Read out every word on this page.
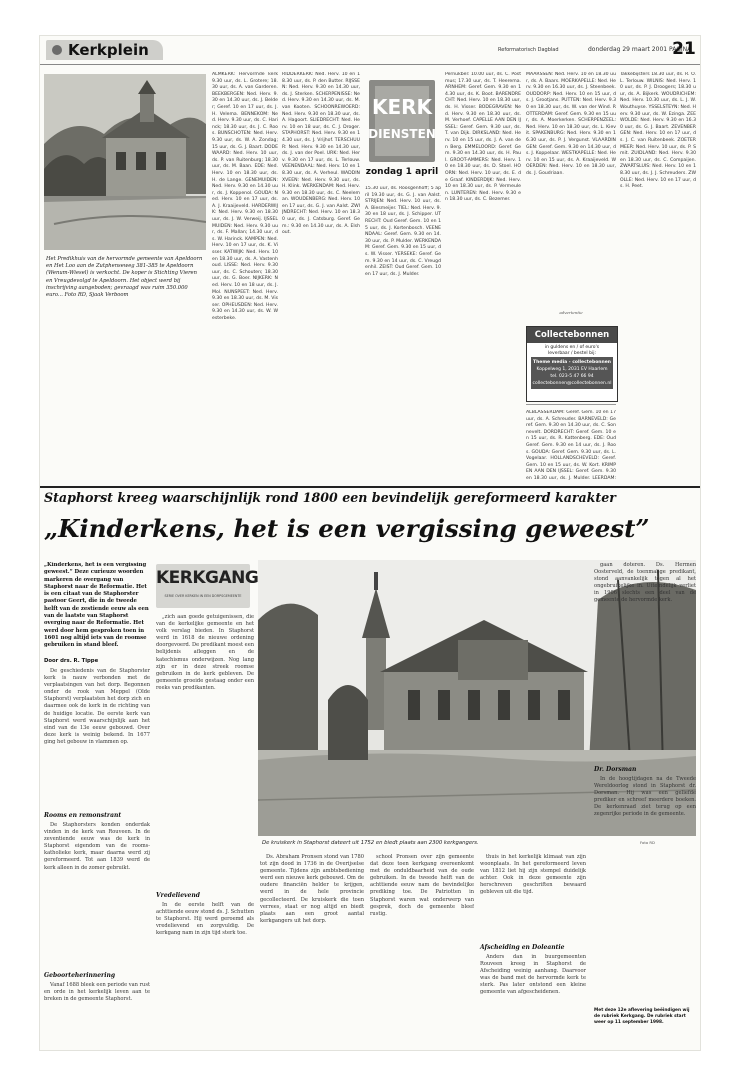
Kerkplein	Reformatorisch Dagblad	donderdag 29 maart 2001 PAGINA
21
Het Predikhuis van de hervormde gemeente van Apeldoorn en Het Loo aan de Zutphenseweg 381-385 te Apeldoorn (Wenum-Wiesel) is verkocht. De koper is Stichting Vieren en Vreugdevolgd te Apeldoorn. Het object werd bij inschrijving aangeboden; gevraagd was ruim 350.000 euro... Foto RD, Sjaak Verboom
ALMKERK: Hervormde kerk 9.30 uur, ds. L. Grotere; 18.30 uur, ds. A. van Garderen. BEEKBERGEN: Ned. Herv. 9.30 en 14.30 uur, ds. J. Belder; Geref. 10 en 17 uur, ds. J. H. Velema. BENNEKOM: Ned. Herv. 9.30 uur, ds. C. Harinck; 18.30 uur, ds. J. C. Roos. BUNSCHOTEN: Ned. Herv. 9.30 uur, ds. W. A. Zondag; 15 uur, ds. G. J. Baart. DODEWAARD: Ned. Herv. 10 uur, ds. P. van Ruitenburg; 18.30 uur, ds. M. Baan. EDE: Ned. Herv. 10 en 18.30 uur, ds. H. de Lange. GENEMUIDEN: Ned. Herv. 9.30 en 14.30 uur, ds. J. Koppenol. GOUDA: Ned. Herv. 10 en 17 uur, ds. A. J. Kraaijeveld. HARDERWIJK: Ned. Herv. 9.30 en 18.30 uur, ds. J. W. Verweij. IJSSELMUIDEN: Ned. Herv. 9.30 uur, ds. F. Mallan; 14.30 uur, ds. W. Harinck. KAMPEN: Ned. Herv. 10 en 17 uur, ds. K. Visser. KATWIJK: Ned. Herv. 10 en 18.30 uur, ds. A. Vastenhoud. LISSE: Ned. Herv. 9.30 uur, ds. C. Schouten; 18.30 uur, ds. G. Boer. NIJKERK: Ned. Herv. 10 en 18 uur, ds. J. Mol. NUNSPEET: Ned. Herv. 9.30 en 18.30 uur, ds. M. Visser. OPHEUSDEN: Ned. Herv. 9.30 en 14.30 uur, ds. W. Westerbeke.
RIDDERKERK: Ned. Herv. 10 en 18.30 uur, ds. P. den Butter. RIJSSEN: Ned. Herv. 9.30 en 14.30 uur, ds. J. Sterken. SCHERPENISSE: Ned. Herv. 9.30 en 14.30 uur, ds. M. van Kooten. SCHOONREWOERD: Ned. Herv. 9.30 en 18.30 uur, ds. A. Hagoort. SLIEDRECHT: Ned. Herv. 10 en 18 uur, ds. C. J. Droger. STAPHORST: Ned. Herv. 9.30 en 14.30 uur, ds. J. Vrijhof. TERSCHUUR: Ned. Herv. 9.30 en 14.30 uur, ds. J. van der Poel. URK: Ned. Herv. 9.30 en 17 uur, ds. L. Terlouw. VEENENDAAL: Ned. Herv. 10 en 18.30 uur, ds. A. Verheul. WADDINXVEEN: Ned. Herv. 9.30 uur, ds. H. Klink. WERKENDAM: Ned. Herv. 9.30 en 18.30 uur, ds. C. Neeleman. WOUDENBERG: Ned. Herv. 10 en 17 uur, ds. G. J. van Aalst. ZWIJNDRECHT: Ned. Herv. 10 en 18.30 uur, ds. J. Catsburg. Geref. Gem.: 9.30 en 14.30 uur, ds. A. Elshout.
KERK
DIENSTEN
zondag 1 april
15.30 uur, ds. Roosgenhoff; 5 april 19.30 uur, ds. G. J. van Aalst. STRIJEN: Ned. Herv. 10 uur, ds. A. Biesmeijer. TIEL: Ned. Herv. 9.30 en 18 uur, ds. J. Schipper. UTRECHT: Oud Geref. Gem. 10 en 15 uur, ds. J. Kortenbosch. VEENENDAAL: Geref. Gem. 9.30 en 14.30 uur, ds. P. Mulder. WERKENDAM: Geref. Gem. 9.30 en 15 uur, ds. W. Visser. YERSEKE: Geref. Gem. 9.30 en 14 uur, ds. C. Vreugdenhil. ZEIST: Oud Geref. Gem. 10 en 17 uur, ds. J. Mulder.
Pernukbel: 10.00 uur, ds. C. Postmus; 17.30 uur, ds. T. Heerema. ARNHEM: Geref. Gem. 9.30 en 14.30 uur, ds. K. Boot. BARENDRECHT: Ned. Herv. 10 en 18.30 uur, ds. H. Visser. BODEGRAVEN: Ned. Herv. 9.30 en 18.30 uur, ds. M. Verhoef. CAPELLE AAN DEN IJSSEL: Geref. Gem. 9.30 uur, ds. T. van Dijk. DIRKSLAND: Ned. Herv. 10 en 15 uur, ds. J. A. van den Berg. EMMELOORD: Geref. Gem. 9.30 en 14.30 uur, ds. H. Paul. GROOT-AMMERS: Ned. Herv. 10 en 18.30 uur, ds. D. Stoel. HOORN: Ned. Herv. 10 uur, ds. E. de Graaf. KINDERDIJK: Ned. Herv. 10 en 18.30 uur, ds. P. Vermeulen. LUNTEREN: Ned. Herv. 9.30 en 18.30 uur, ds. C. Bezemer.
MAARSSEN: Ned. Herv. 10 en 18.30 uur, ds. A. Baars. MOERKAPELLE: Ned. Herv. 9.30 en 16.30 uur, ds. J. Steenbeek. OUDDORP: Ned. Herv. 10 en 15 uur, ds. J. Grootjans. PUTTEN: Ned. Herv. 9.30 en 18.30 uur, ds. W. van der Wind. ROTTERDAM: Geref. Gem. 9.30 en 15 uur, ds. A. Moerkerken. SCHERPENZEEL: Ned. Herv. 10 en 18.30 uur, ds. L. Kievit. SPAKENBURG: Ned. Herv. 9.30 en 16.30 uur, ds. P. J. Vergunst. VLAARDINGEN: Geref. Gem. 9.30 en 14.30 uur, ds. J. Koppelaar. WESTKAPELLE: Ned. Herv. 10 en 15 uur, ds. A. Kraaijeveld. WOERDEN: Ned. Herv. 10 en 18.30 uur, ds. J. Goudriaan.
ALBLASSERDAM: Geref. Gem. 10 en 17 uur, ds. A. Schreuder. BARNEVELD: Geref. Gem. 9.30 en 14.30 uur, ds. C. Sonnevelt. DORDRECHT: Geref. Gem. 10 en 15 uur, ds. R. Kattenberg. EDE: Oud Geref. Gem. 9.30 en 14 uur, ds. J. Roos. GOUDA: Geref. Gem. 9.30 uur, ds. L. Vogelaar. HOLLANDSCHEVELD: Geref. Gem. 10 en 15 uur, ds. W. Kort. KRIMPEN AAN DEN IJSSEL: Geref. Gem. 9.30 en 18.30 uur, ds. J. Mulder. LEERDAM:
Takkebijsters 18.30 uur, ds. R. O. L. Terlouw. WILNIS: Ned. Herv. 10 uur, ds. P. J. Droogers; 18.30 uur, ds. A. Bijkerk. WOUDRICHEM: Ned. Herv. 10.30 uur, ds. L. J. W. Wouthuyse. YSSELSTEYN: Ned. Herv. 9.30 uur, ds. W. Ezinga. ZEEWOLDE: Ned. Herv. 9.30 en 16.30 uur, ds. G. J. Baart. ZEVENBERGEN: Ned. Herv. 10 en 17 uur, ds. J. C. van Ruitenbeek. ZOETERMEER: Ned. Herv. 10 uur, ds. P. Smit. ZUIDLAND: Ned. Herv. 9.30 en 18.30 uur, ds. C. Compaijen. ZWARTSLUIS: Ned. Herv. 10 en 18.30 uur, ds. J. J. Schreuders. ZWOLLE: Ned. Herv. 10 en 17 uur, ds. H. Peet.
advertentie
Collectebonnen
in guldens en / of euro's
leverbaar / bestel bij:
Theme media - collectebonnen
Koppelweg 1, 2031 EV Haarlem
tel. 023-5 47 66 94
collectebonnen@collectebonnen.nl
Staphorst kreeg waarschijnlijk rond 1800 een bevindelijk gereformeerd karakter
„Kinderkens, het is een vergissing geweest”
„Kinderkens, het is een vergissing geweest.” Deze curieuze woorden markeren de overgang van Staphorst naar de Reformatie. Het is een citaat van de Staphorster pastoor Geert, die in de tweede helft van de zestiende eeuw als een van de laatste van Staphorst overging naar de Reformatie. Het werd door hem gesproken toen in 1601 nog altijd iets van de roomse gebruiken in stand bleef.
Door drs. R. Tippe
KERKGANG
SERIE OVER KERKEN IN EEN DORPSGEMEENTE
De kruiskerk in Staphorst dateert uit 1752 en biedt plaats aan 2300 kerkgangers.	Foto RD

De geschiedenis van de Staphorster kerk is nauw verbonden met de verplaatsingen van het dorp. Begonnen onder de rook van Meppel (Olde Staphorst) verplaatsten het dorp zich en daarmee ook de kerk in de richting van de huidige locatie. De eerste kerk van Staphorst werd waarschijnlijk aan het eind van de 13e eeuw gebouwd. Over deze kerk is weinig bekend. In 1677 ging het gebouw in vlammen op.

Rooms en remonstrant

De Staphorsters konden onderdak vinden in de kerk van Rouveen. In de zeventiende eeuw was de kerk in Staphorst eigendom van de rooms-katholieke kerk, maar daarna werd zij gereformeerd. Tot aan 1839 werd de kerk alleen in de zomer gebruikt.

Geboorteherinnering

Vanaf 1688 bleek een periode van rust en orde in het kerkelijk leven aan te breken in de gemeente Staphorst.

„zich aan goede getuigenissen, die van de kerkelijke gemeente en het volk verslag bieden. In Staphorst werd in 1618 de nieuwe ordening doorgevoerd. De predikant moest een belijdenis afleggen en de katechismus onderwijzen. Nog lang zijn er in deze streek roomse gebruiken in de kerk gebleven. De gemeente groeide gestaag onder een reeks van predikanten.

Vredelievend

In de eerste helft van de achttiende eeuw stond ds. J. Schutten te Staphorst. Hij werd geroemd als vredelievend en zorgvuldig. De kerkgang nam in zijn tijd sterk toe.

Ds. Abraham Pronsen stond van 1780 tot zijn dood in 1736 in de Overijselse gemeente. Tijdens zijn ambtsbediening werd een nieuwe kerk gebouwd. Om de oudere financiën helder te krijgen, werd in de hele provincie gecollecteerd. De kruiskerk die toen verrees, staat er nog altijd en biedt plaats aan een groot aantal kerkgangers uit het dorp.

school Pronsen over zijn gemeente dat deze toen kerkgang overeenkomt met de onduldbaarheid van de oude gebruiken. In de tweede helft van de achttiende eeuw nam de bevindelijke prediking toe. De Patriotten in Staphorst waren wat onderwerp van gesprek, doch de gemeente bleef rustig.

thuis in het kerkelijk klimaat van zijn woonplaats. In het gereformeerd leven van 1812 liet hij zijn stempel duidelijk achter. Ook in deze gemeente zijn herschreven geschriften bewaard gebleven uit die tijd.

Afscheiding en Doleantie

Anders dan in buurgemeenten Rouveen kreeg in Staphorst de Afscheiding weinig aanhang. Daarvoor was de band met de hervormde kerk te sterk. Pas later ontstond een kleine gemeente van afgescheidenen.

gaan doteren. Ds. Hermen Oosterveld, de toenmalige predikant, stond aanvankelijk tegen al het ongebruikelijke in. Uiteindelijk verliet in 1906 slechts een deel van de gemeente de hervormde kerk.

Dr. Dorsman

In de hoogtijdagen na de Tweede Wereldoorlog stond in Staphorst dr. Dorsman. Hij was een geliefde prediker en schreef meerdere boeken. De kerkenraad ziet terug op een zegenrijke periode in de gemeente.

Met deze 12e aflevering beëindigen wij de rubriek Kerkgang. De rubriek start weer op 11 september 1998.
